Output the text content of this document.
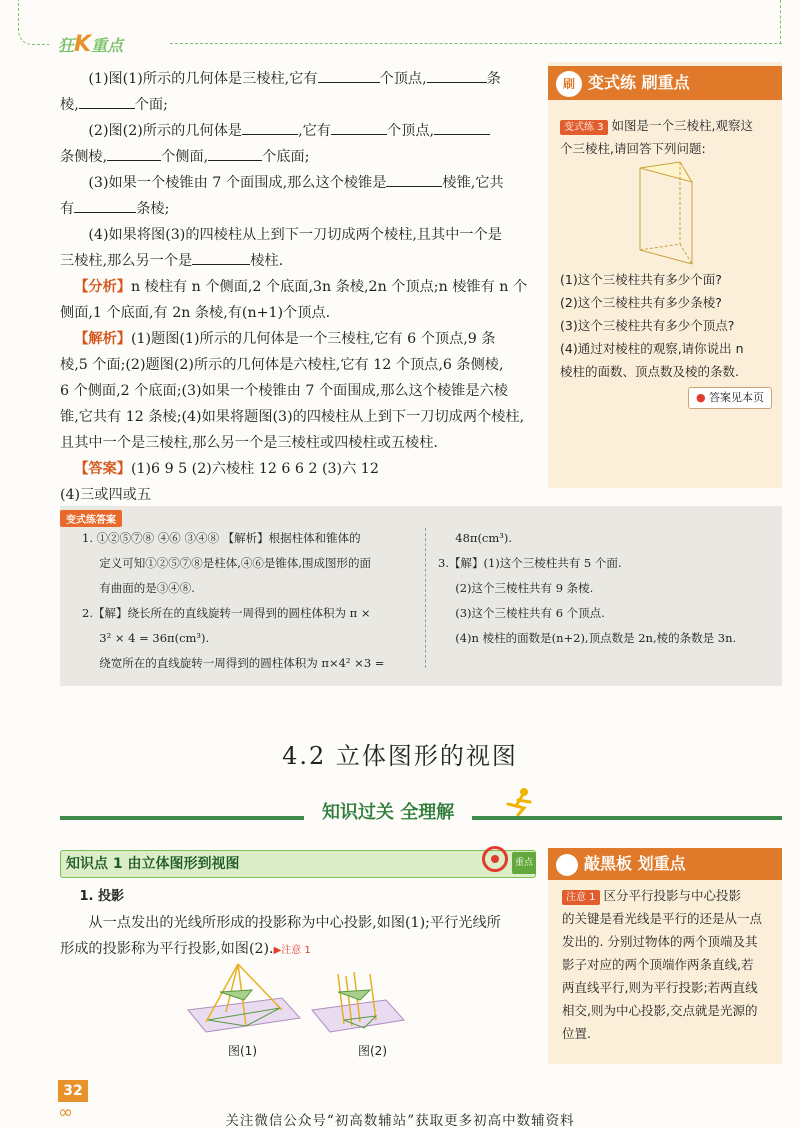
狂K重点

(1)图(1)所示的几何体是三棱柱,它有	个顶点,	条

棱,	个面;

(2)图(2)所示的几何体是	,它有	个顶点,

条侧棱,	个侧面,	个底面;

(3)如果一个棱锥由 7 个面围成,那么这个棱锥是	棱锥,它共

有	条棱;

(4)如果将图(3)的四棱柱从上到下一刀切成两个棱柱,且其中一个是

三棱柱,那么另一个是	棱柱.

【分析】n 棱柱有 n 个侧面,2 个底面,3n 条棱,2n 个顶点;n 棱锥有 n 个

侧面,1 个底面,有 2n 条棱,有(n+1)个顶点.

【解析】(1)题图(1)所示的几何体是一个三棱柱,它有 6 个顶点,9 条

棱,5 个面;(2)题图(2)所示的几何体是六棱柱,它有 12 个顶点,6 条侧棱,

6 个侧面,2 个底面;(3)如果一个棱锥由 7 个面围成,那么这个棱锥是六棱

锥,它共有 12 条棱;(4)如果将题图(3)的四棱柱从上到下一刀切成两个棱柱,

且其中一个是三棱柱,那么另一个是三棱柱或四棱柱或五棱柱.

【答案】(1)6 9 5 (2)六棱柱 12 6 6 2 (3)六 12

(4)三或四或五

刷 变式练 刷重点
变式练 3 如图是一个三棱柱,观察这
个三棱柱,请回答下列问题:
(1)这个三棱柱共有多少个面?
(2)这个三棱柱共有多少条棱?
(3)这个三棱柱共有多少个顶点?
(4)通过对棱柱的观察,请你说出 n
棱柱的面数、顶点数及棱的条数.
● 答案见本页
变式练答案
1. ①②⑤⑦⑧ ④⑥ ③④⑧ 【解析】根据柱体和锥体的
定义可知①②⑤⑦⑧是柱体,④⑥是锥体,围成图形的面
有曲面的是③④⑧.
2.【解】绕长所在的直线旋转一周得到的圆柱体积为 π ×
3² × 4 = 36π(cm³).
绕宽所在的直线旋转一周得到的圆柱体积为 π×4² ×3 =
48π(cm³).
3.【解】(1)这个三棱柱共有 5 个面.
(2)这个三棱柱共有 9 条棱.
(3)这个三棱柱共有 6 个顶点.
(4)n 棱柱的面数是(n+2),顶点数是 2n,棱的条数是 3n.
4.2 立体图形的视图
知识过关 全理解
知识点 1 由立体图形到视图	重点

1. 投影

从一点发出的光线所形成的投影称为中心投影,如图(1);平行光线所

形成的投影称为平行投影,如图(2).▶注意 1

图(1)	图(2)
敲黑板 划重点
注意 1 区分平行投影与中心投影
的关键是看光线是平行的还是从一点
发出的. 分别过物体的两个顶端及其
影子对应的两个顶端作两条直线,若
两直线平行,则为平行投影;若两直线
相交,则为中心投影,交点就是光源的
位置.
32
∞	关注微信公众号“初高数辅站”获取更多初高中数辅资料
